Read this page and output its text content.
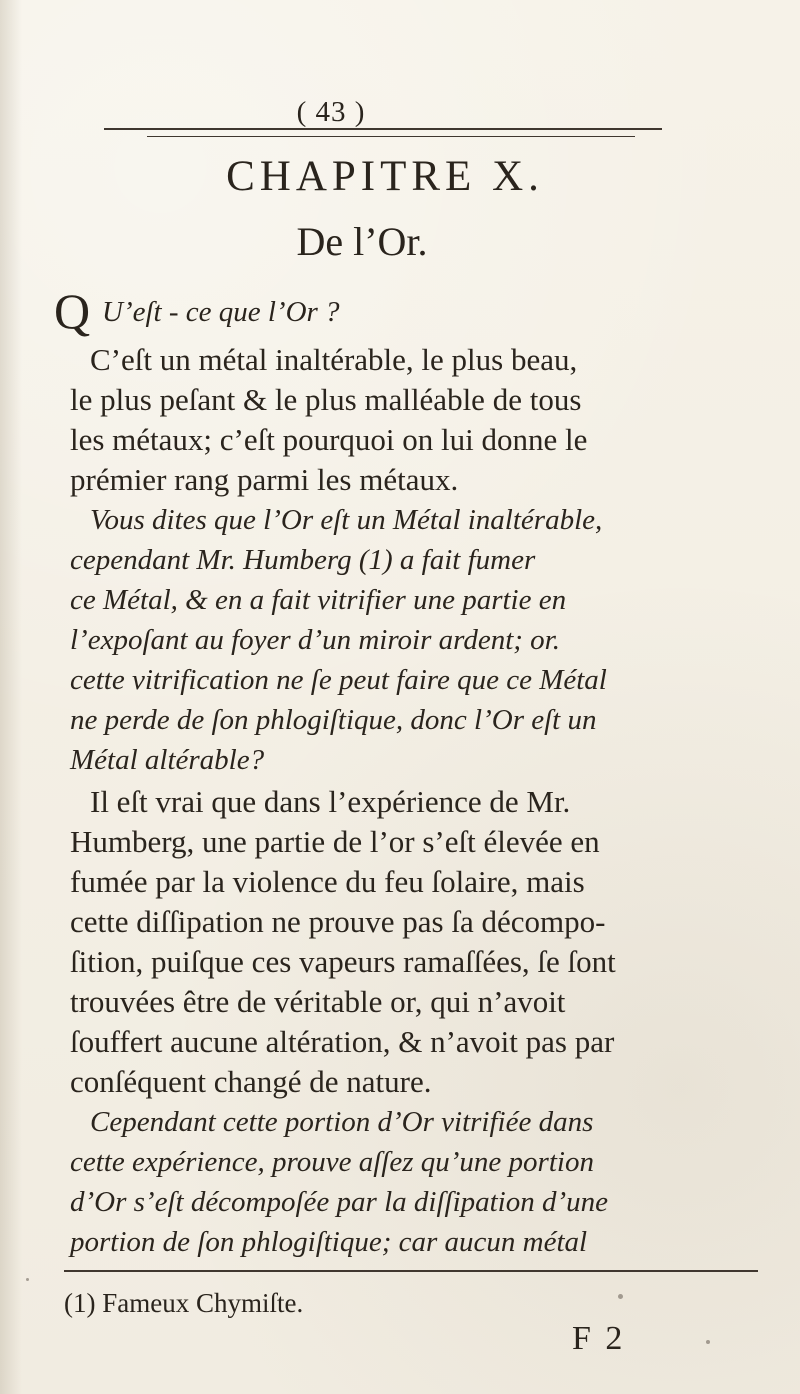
( 43 )
CHAPITRE X.
De l’Or.
Q U’eſt - ce que l’Or ?
C’eſt un métal inaltérable, le plus beau,
le plus peſant & le plus malléable de tous
les métaux; c’eſt pourquoi on lui donne le
prémier rang parmi les métaux.
Vous dites que l’Or eſt un Métal inaltérable,
cependant Mr. Humberg (1) a fait fumer
ce Métal, & en a fait vitrifier une partie en
l’expoſant au foyer d’un miroir ardent; or.
cette vitrification ne ſe peut faire que ce Métal
ne perde de ſon phlogiſtique, donc l’Or eſt un
Métal altérable?
Il eſt vrai que dans l’expérience de Mr.
Humberg, une partie de l’or s’eſt élevée en
fumée par la violence du feu ſolaire, mais
cette diſſipation ne prouve pas ſa décompo-
ſition, puiſque ces vapeurs ramaſſées, ſe ſont
trouvées être de véritable or, qui n’avoit
ſouffert aucune altération, & n’avoit pas par
conſéquent changé de nature.
Cependant cette portion d’Or vitrifiée dans
cette expérience, prouve aſſez qu’une portion
d’Or s’eſt décompoſée par la diſſipation d’une
portion de ſon phlogiſtique; car aucun métal
(1) Fameux Chymiſte.
F 2
